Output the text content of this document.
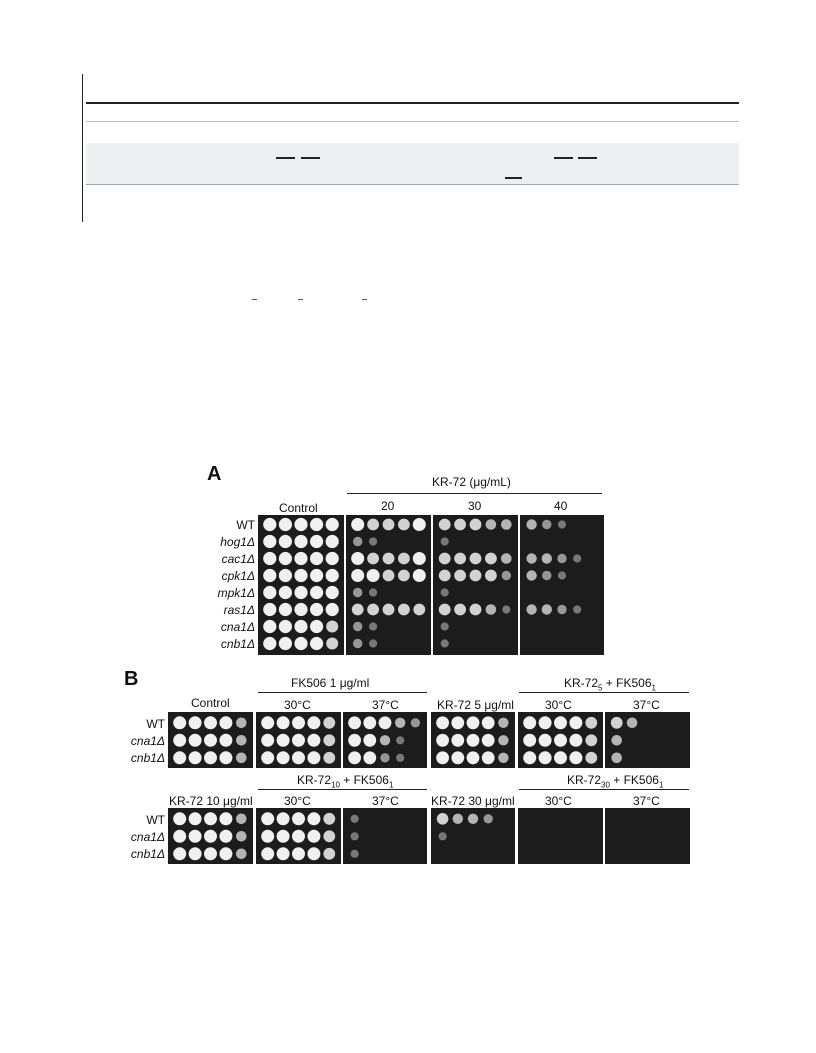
A	KR-72 (μg/mL)
Control	20	30	40
WT
hog1Δ
cac1Δ
cpk1Δ
mpk1Δ
ras1Δ
cna1Δ
cnb1Δ
B	FK506 1 μg/ml	$KR-72_5 + FK506_1$
Control	30°C	37°C	KR-72 5 μg/ml	30°C	37°C
WT
cna1Δ
cnb1Δ
$KR-72_{10} + FK506_1$	$KR-72_{30} + FK506_1$
KR-72 10 μg/ml	30°C	37°C	KR-72 30 μg/ml	30°C	37°C
WT
cna1Δ
cnb1Δ
